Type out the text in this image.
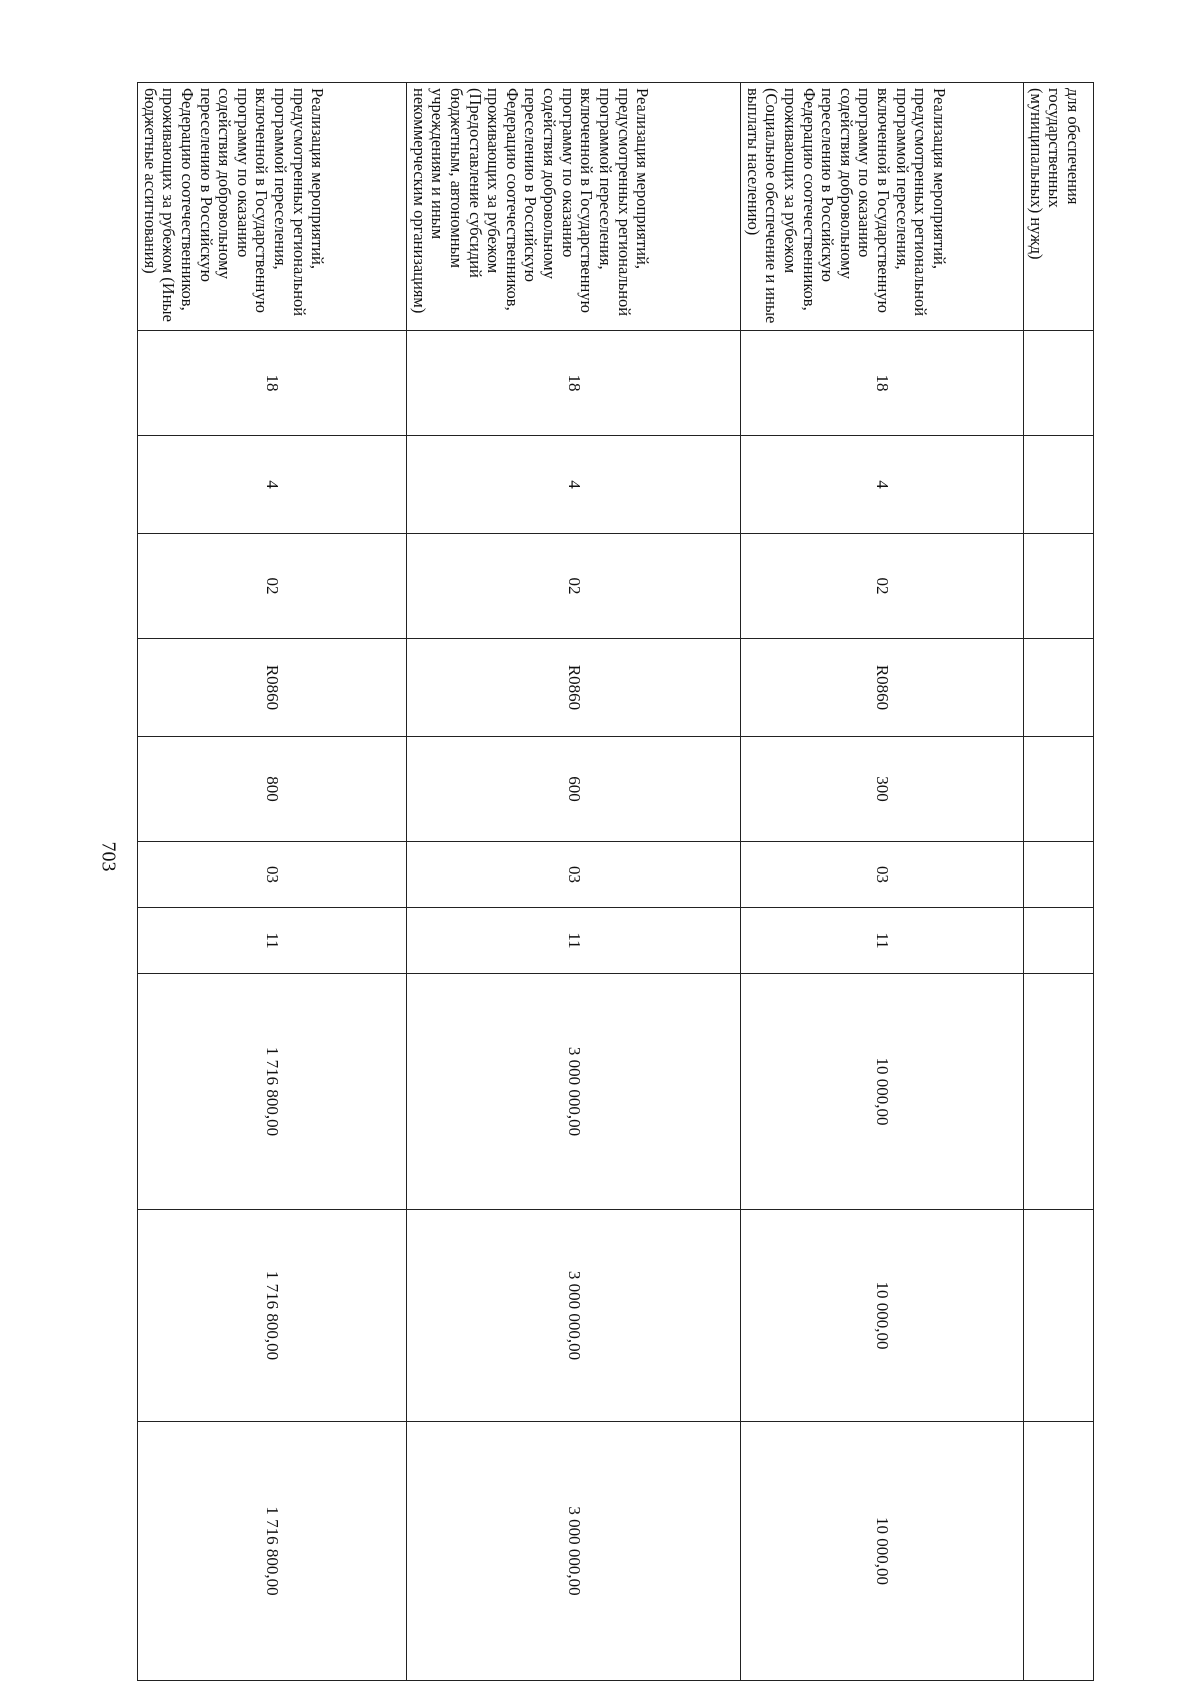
703
для обеспечения государственных (муниципальных) нужд)										
Реализация мероприятий, предусмотренных региональной программой переселения, включенной в Государственную программу по оказанию содействия добровольному переселению в Российскую Федерацию соотечественников, проживающих за рубежом (Социальное обеспечение и иные выплаты населению)	18	4	02	R0860	300	03	11	10 000,00	10 000,00	10 000,00
Реализация мероприятий, предусмотренных региональной программой переселения, включенной в Государственную программу по оказанию содействия добровольному переселению в Российскую Федерацию соотечественников, проживающих за рубежом (Предоставление субсидий бюджетным, автономным учреждениям и иным некоммерческим организациям)	18	4	02	R0860	600	03	11	3 000 000,00	3 000 000,00	3 000 000,00
Реализация мероприятий, предусмотренных региональной программой переселения, включенной в Государственную программу по оказанию содействия добровольному переселению в Российскую Федерацию соотечественников, проживающих за рубежом (Иные бюджетные ассигнования)	18	4	02	R0860	800	03	11	1 716 800,00	1 716 800,00	1 716 800,00
